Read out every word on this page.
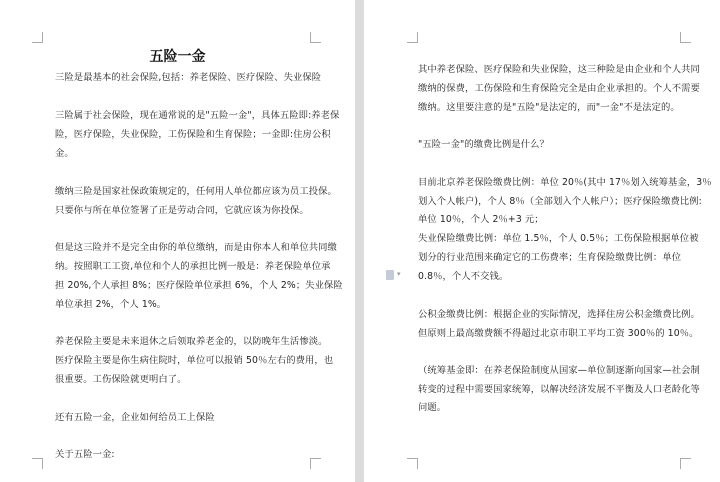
五险一金
三险是最基本的社会保险,包括：养老保险、医疗保险、失业保险
三险属于社会保险，现在通常说的是"五险一金"，具体五险即:养老保
险，医疗保险，失业保险，工伤保险和生育保险；一金即:住房公积
金。
缴纳三险是国家社保政策规定的，任何用人单位都应该为员工投保。
只要你与所在单位签署了正是劳动合同，它就应该为你投保。
但是这三险并不是完全由你的单位缴纳，而是由你本人和单位共同缴
纳。按照职工工资,单位和个人的承担比例一般是：养老保险单位承
担 20%,个人承担 8%；医疗保险单位承担 6%，个人 2%；失业保险
单位承担 2%，个人 1%。
养老保险主要是未来退休之后领取养老金的，以防晚年生活惨淡。
医疗保险主要是你生病住院时，单位可以报销 50％左右的费用，也
很重要。工伤保险就更明白了。
还有五险一金，企业如何给员工上保险
关于五险一金:
▾
其中养老保险、医疗保险和失业保险，这三种险是由企业和个人共同
缴纳的保费，工伤保险和生育保险完全是由企业承担的。个人不需要
缴纳。这里要注意的是"五险"是法定的，而"一金"不是法定的。
"五险一金"的缴费比例是什么？
目前北京养老保险缴费比例：单位 20％(其中 17％划入统筹基金，3％
划入个人帐户)，个人 8％（全部划入个人帐户）；医疗保险缴费比例:
单位 10％，个人 2％+3 元；
失业保险缴费比例：单位 1.5％，个人 0.5％；工伤保险根据单位被
划分的行业范围来确定它的工伤费率；生育保险缴费比例：单位
0.8％，个人不交钱。
公积金缴费比例：根据企业的实际情况，选择住房公积金缴费比例。
但原则上最高缴费额不得超过北京市职工平均工资 300％的 10％。
（统筹基金即：在养老保险制度从国家—单位制逐渐向国家—社会制
转变的过程中需要国家统筹，以解决经济发展不平衡及人口老龄化等
问题。
